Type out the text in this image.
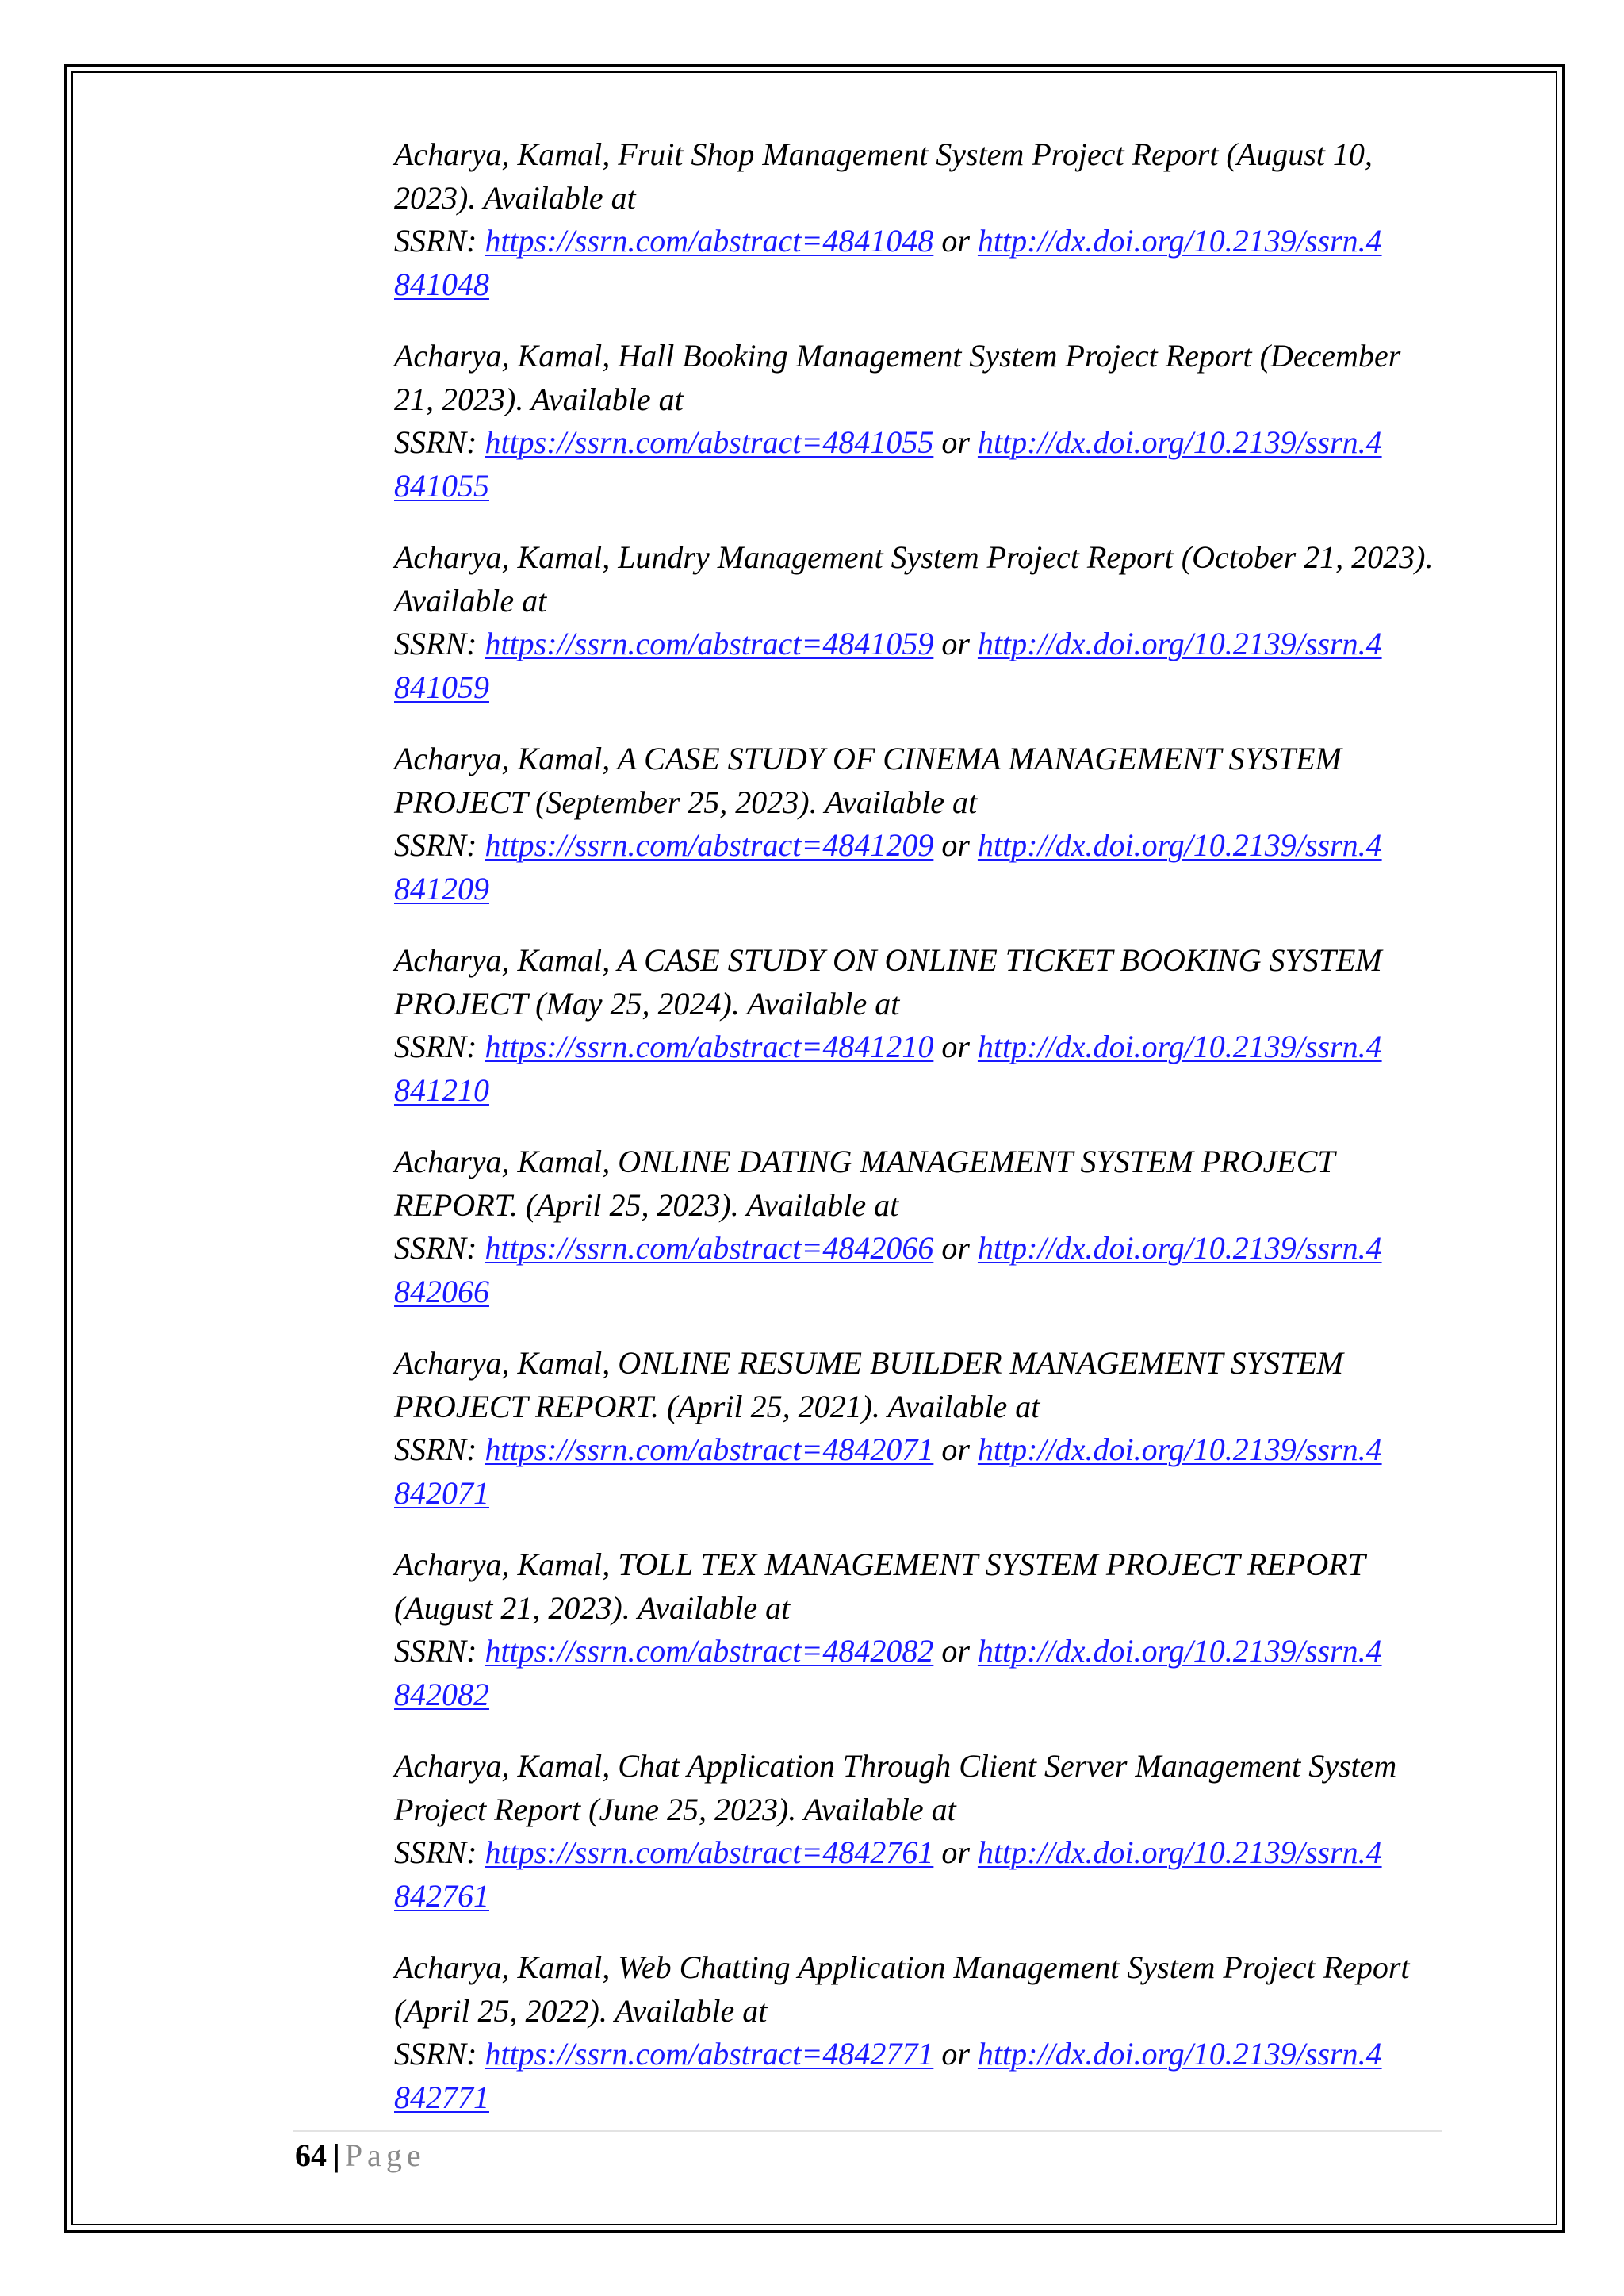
Acharya, Kamal, Fruit Shop Management System Project Report (August 10, 2023). Available at
SSRN: https://ssrn.com/abstract=4841048 or http://dx.doi.org/10.2139/ssrn.4
841048
Acharya, Kamal, Hall Booking Management System Project Report (December 21, 2023). Available at
SSRN: https://ssrn.com/abstract=4841055 or http://dx.doi.org/10.2139/ssrn.4
841055
Acharya, Kamal, Lundry Management System Project Report (October 21, 2023). Available at
SSRN: https://ssrn.com/abstract=4841059 or http://dx.doi.org/10.2139/ssrn.4
841059
Acharya, Kamal, A CASE STUDY OF CINEMA MANAGEMENT SYSTEM PROJECT (September 25, 2023). Available at
SSRN: https://ssrn.com/abstract=4841209 or http://dx.doi.org/10.2139/ssrn.4
841209
Acharya, Kamal, A CASE STUDY ON ONLINE TICKET BOOKING SYSTEM PROJECT (May 25, 2024). Available at
SSRN: https://ssrn.com/abstract=4841210 or http://dx.doi.org/10.2139/ssrn.4
841210
Acharya, Kamal, ONLINE DATING MANAGEMENT SYSTEM PROJECT REPORT. (April 25, 2023). Available at
SSRN: https://ssrn.com/abstract=4842066 or http://dx.doi.org/10.2139/ssrn.4
842066
Acharya, Kamal, ONLINE RESUME BUILDER MANAGEMENT SYSTEM PROJECT REPORT. (April 25, 2021). Available at
SSRN: https://ssrn.com/abstract=4842071 or http://dx.doi.org/10.2139/ssrn.4
842071
Acharya, Kamal, TOLL TEX MANAGEMENT SYSTEM PROJECT REPORT (August 21, 2023). Available at
SSRN: https://ssrn.com/abstract=4842082 or http://dx.doi.org/10.2139/ssrn.4
842082
Acharya, Kamal, Chat Application Through Client Server Management System Project Report (June 25, 2023). Available at
SSRN: https://ssrn.com/abstract=4842761 or http://dx.doi.org/10.2139/ssrn.4
842761
Acharya, Kamal, Web Chatting Application Management System Project Report (April 25, 2022). Available at
SSRN: https://ssrn.com/abstract=4842771 or http://dx.doi.org/10.2139/ssrn.4
842771
64 | Page
